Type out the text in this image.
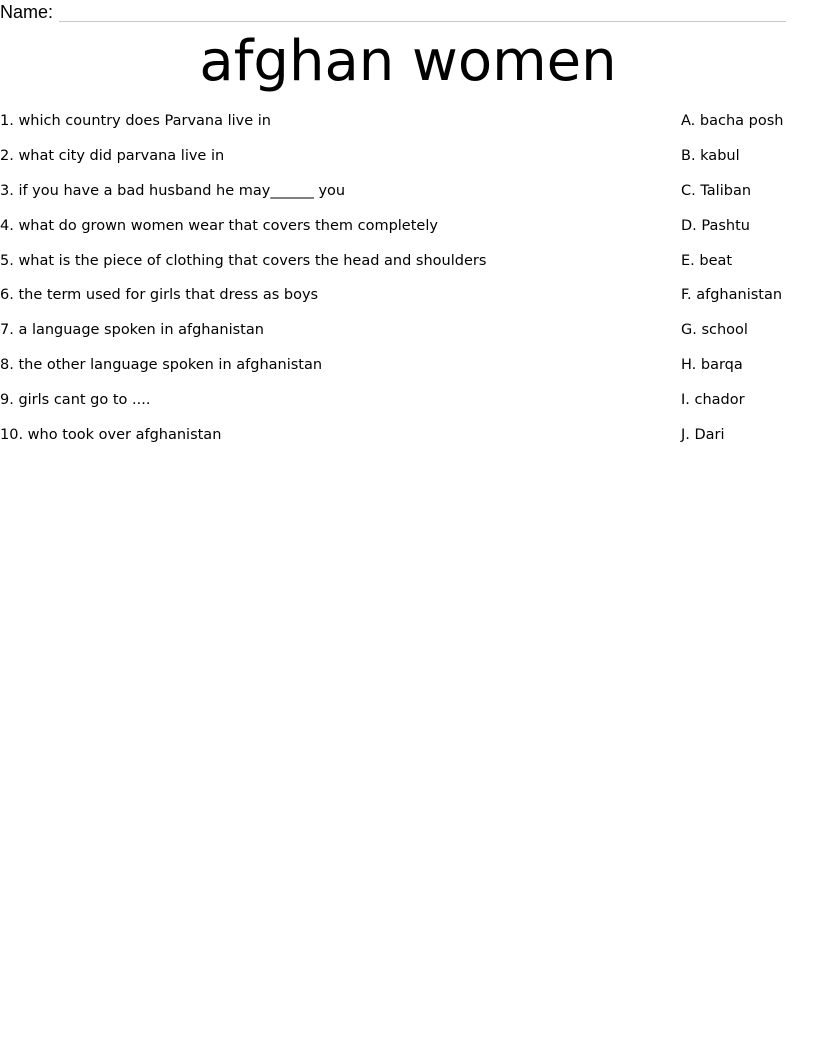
Name:
afghan women
1. which country does Parvana live in
2. what city did parvana live in
3. if you have a bad husband he may______ you
4. what do grown women wear that covers them completely
5. what is the piece of clothing that covers the head and shoulders
6. the term used for girls that dress as boys
7. a language spoken in afghanistan
8. the other language spoken in afghanistan
9. girls cant go to ....
10. who took over afghanistan
A. bacha posh
B. kabul
C. Taliban
D. Pashtu
E. beat
F. afghanistan
G. school
H. barqa
I. chador
J. Dari
